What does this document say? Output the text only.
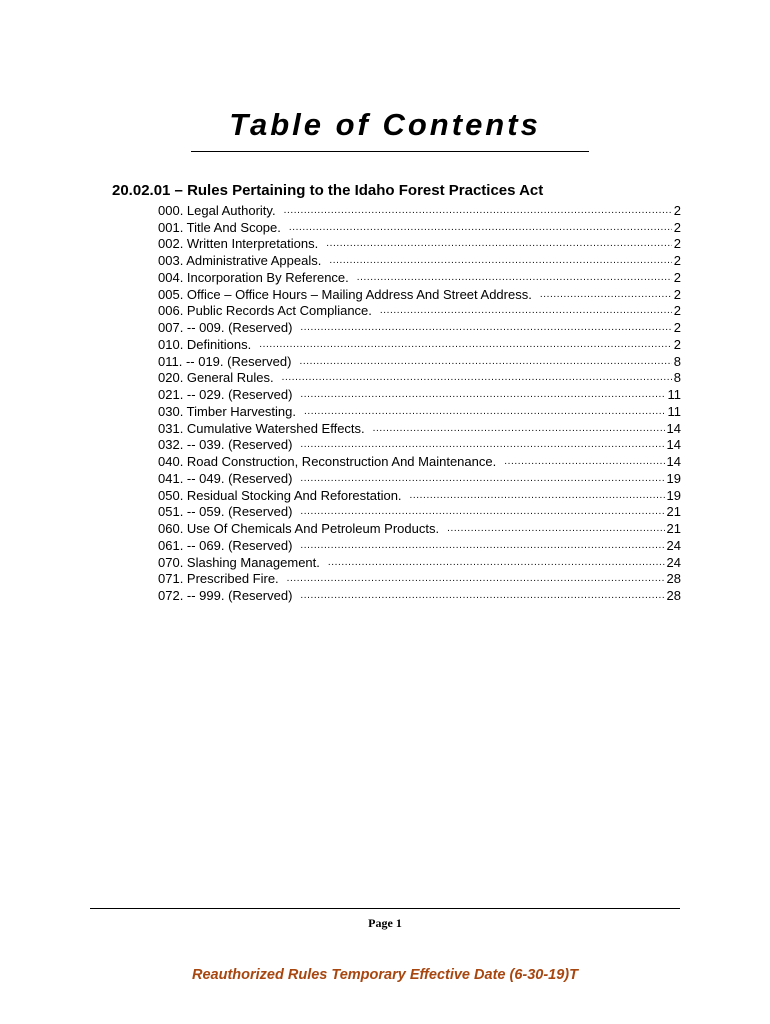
Table of Contents
20.02.01 – Rules Pertaining to the Idaho Forest Practices Act
000. Legal Authority. .....	2
001. Title And Scope. .....	2
002. Written Interpretations. .....	2
003. Administrative Appeals. .....	2
004. Incorporation By Reference. .....	2
005. Office – Office Hours – Mailing Address And Street Address. .....	2
006. Public Records Act Compliance. .....	2
007. -- 009. (Reserved) .....	2
010. Definitions. .....	2
011. -- 019. (Reserved) .....	8
020. General Rules. .....	8
021. -- 029. (Reserved) .....	11
030. Timber Harvesting. .....	11
031. Cumulative Watershed Effects. .....	14
032. -- 039. (Reserved) .....	14
040. Road Construction, Reconstruction And Maintenance. .....	14
041. -- 049. (Reserved) .....	19
050. Residual Stocking And Reforestation. .....	19
051. -- 059. (Reserved) .....	21
060. Use Of Chemicals And Petroleum Products. .....	21
061. -- 069. (Reserved) .....	24
070. Slashing Management. .....	24
071. Prescribed Fire. .....	28
072. -- 999. (Reserved) .....	28
Page 1
Reauthorized Rules Temporary Effective Date (6-30-19)T
